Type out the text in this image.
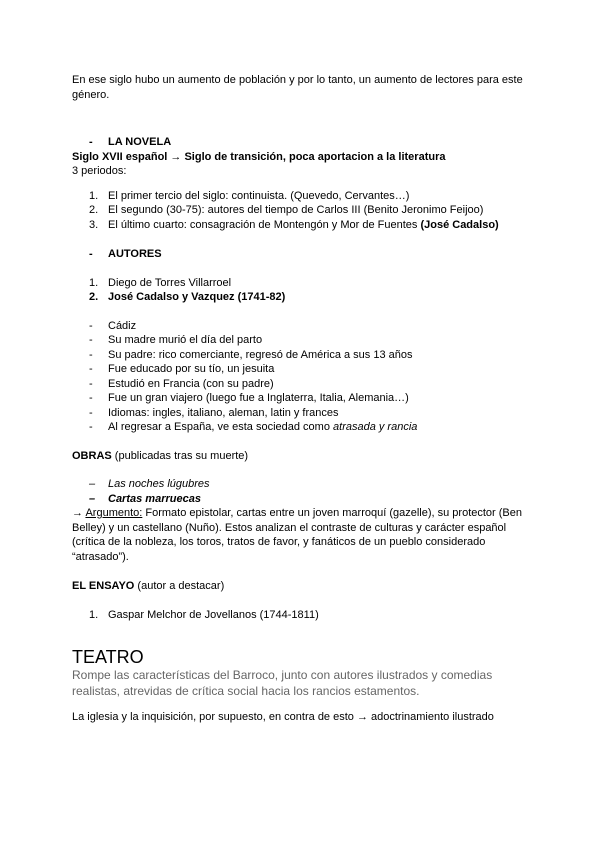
En ese siglo hubo un aumento de población y por lo tanto, un aumento de lectores para este género.

-	LA NOVELA

Siglo XVII español → Siglo de transición, poca aportacion a la literatura

3 periodos:

1. El primer tercio del siglo: continuista. (Quevedo, Cervantes…)
2. El segundo (30-75): autores del tiempo de Carlos III (Benito Jeronimo Feijoo)
3. El último cuarto: consagración de Montengón y Mor de Fuentes (José Cadalso)
-	AUTORES
1. Diego de Torres Villarroel
2. José Cadalso y Vazquez (1741-82)
-	Cádiz
-	Su madre murió el día del parto
-	Su padre: rico comerciante, regresó de América a sus 13 años
-	Fue educado por su tío, un jesuita
-	Estudió en Francia (con su padre)
-	Fue un gran viajero (luego fue a Inglaterra, Italia, Alemania…)
-	Idiomas: ingles, italiano, aleman, latin y frances
-	Al regresar a España, ve esta sociedad como atrasada y rancia

OBRAS (publicadas tras su muerte)

–	Las noches lúgubres
–	Cartas marruecas

→ Argumento: Formato epistolar, cartas entre un joven marroquí (gazelle), su protector (Ben Belley) y un castellano (Nuño). Estos analizan el contraste de culturas y carácter español (crítica de la nobleza, los toros, tratos de favor, y fanáticos de un pueblo considerado “atrasado”).

EL ENSAYO (autor a destacar)

1. Gaspar Melchor de Jovellanos (1744-1811)
TEATRO

Rompe las características del Barroco, junto con autores ilustrados y comedias realistas, atrevidas de crítica social hacia los rancios estamentos.

La iglesia y la inquisición, por supuesto, en contra de esto → adoctrinamiento ilustrado
